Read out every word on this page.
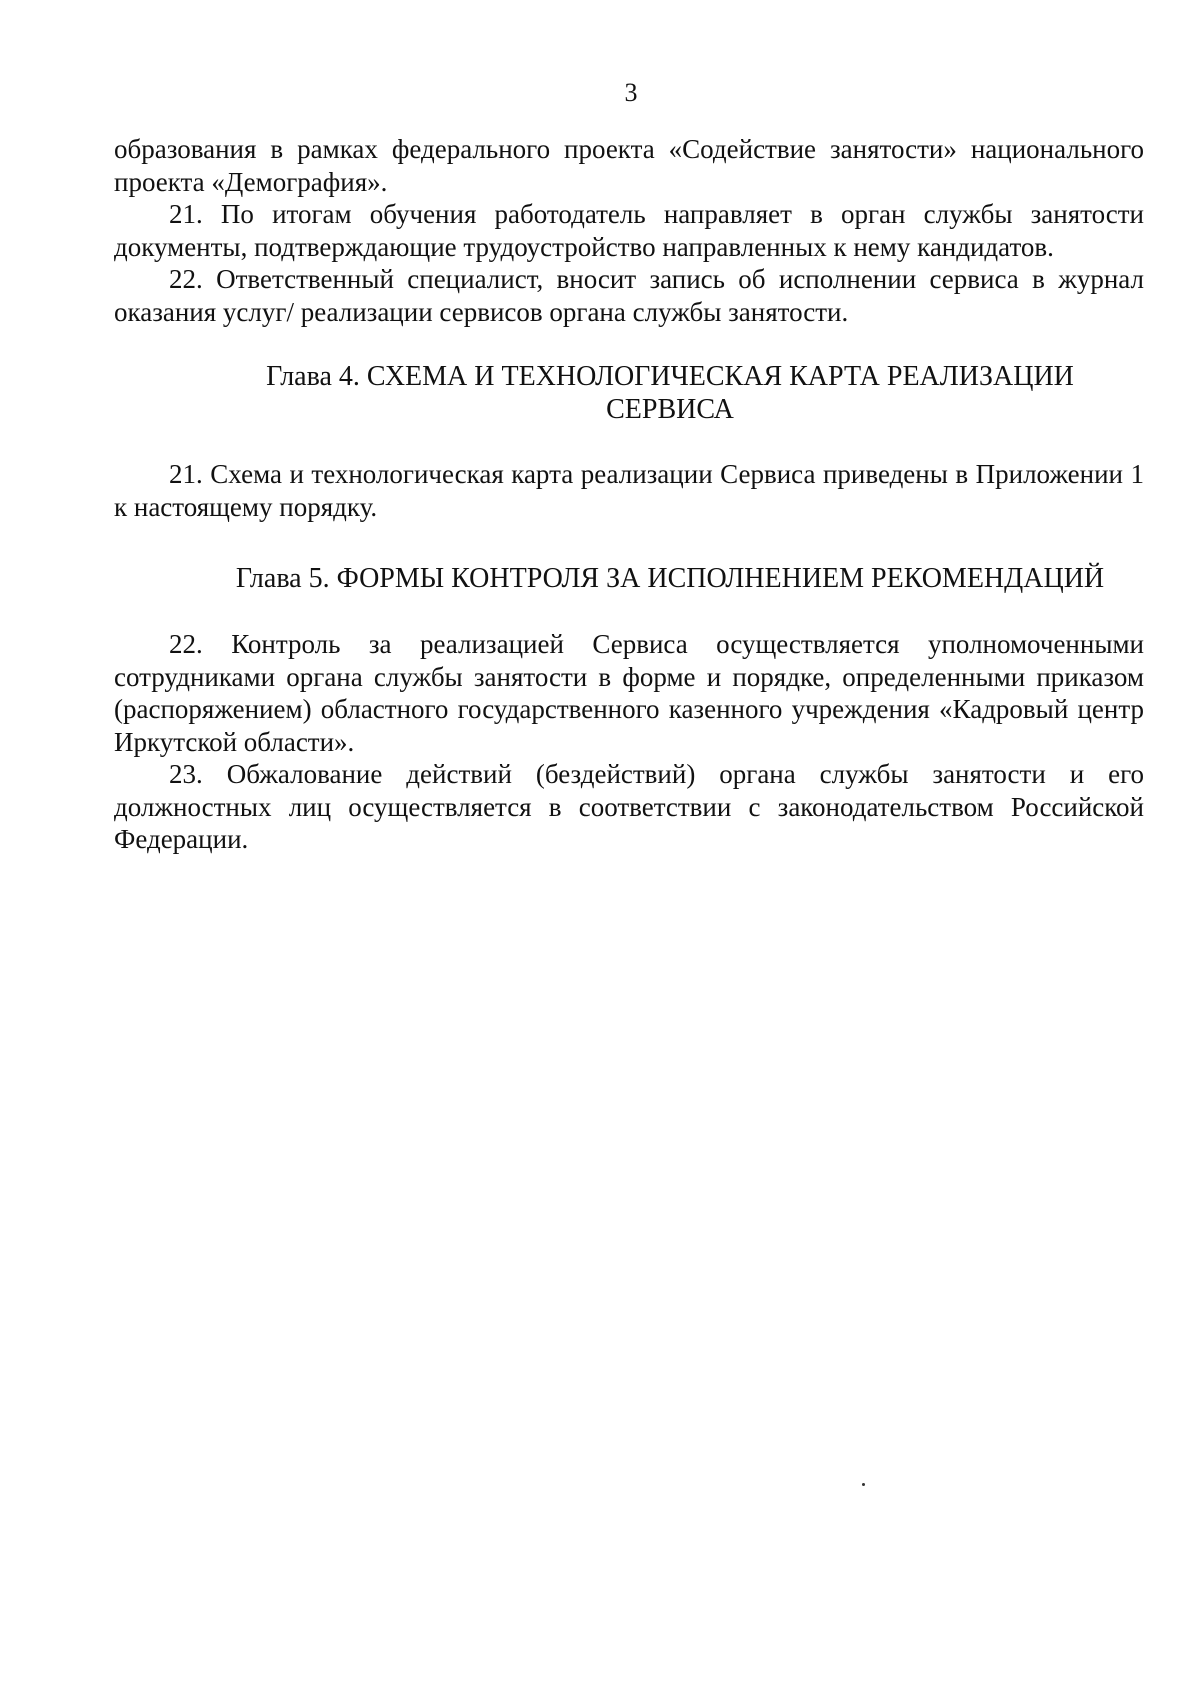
3

образования в рамках федерального проекта «Содействие занятости» национального проекта «Демография».

21. По итогам обучения работодатель направляет в орган службы занятости документы, подтверждающие трудоустройство направленных к нему кандидатов.

22. Ответственный специалист, вносит запись об исполнении сервиса в журнал оказания услуг/ реализации сервисов органа службы занятости.

Глава 4. СХЕМА И ТЕХНОЛОГИЧЕСКАЯ КАРТА РЕАЛИЗАЦИИ
СЕРВИСА

21. Схема и технологическая карта реализации Сервиса приведены в Приложении 1 к настоящему порядку.

Глава 5. ФОРМЫ КОНТРОЛЯ ЗА ИСПОЛНЕНИЕМ РЕКОМЕНДАЦИЙ

22. Контроль за реализацией Сервиса осуществляется уполномоченными сотрудниками органа службы занятости в форме и порядке, определенными приказом (распоряжением) областного государственного казенного учреждения «Кадровый центр Иркутской области».

23. Обжалование действий (бездействий) органа службы занятости и его должностных лиц осуществляется в соответствии с законодательством Российской Федерации.
